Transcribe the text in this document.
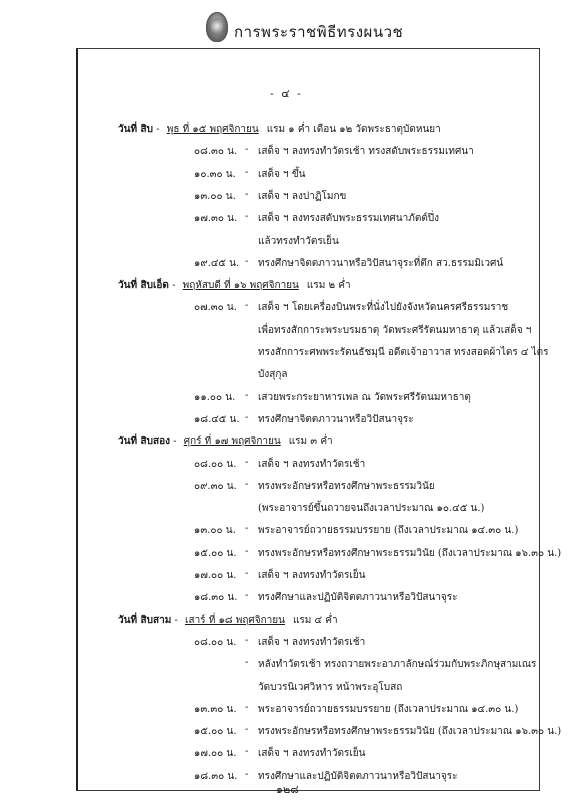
การพระราชพิธีทรงผนวช
- ๔ -
วันที่ สิบ - พุธ ที่ ๑๕ พฤศจิกายน แรม ๑ ค่ำ เดือน ๑๒ วัดพระธาตุบัดหนยา
๐๘.๓๐ น. - เสด็จ ฯ ลงทรงทำวัตรเช้า ทรงสดับพระธรรมเทศนา
๑๐.๓๐ น. - เสด็จ ฯ ขึ้น
๑๓.๐๐ น. - เสด็จ ฯ ลงปาฏิโมกข
๑๗.๓๐ น. - เสด็จ ฯ ลงทรงสดับพระธรรมเทศนาภัตต์ปึ่ง
แล้วทรงทำวัตรเย็น
๑๙.๔๕ น. - ทรงศึกษาจิตตภาวนาหรือวิปัสนาจุระที่ตึก สว.ธรรมมิเวศน์
วันที่ สิบเอ็ด - พฤหัสบดี ที่ ๑๖ พฤศจิกายน แรม ๒ ค่ำ
๐๗.๓๐ น. - เสด็จ ฯ โดยเครื่องบินพระที่นั่งไปยังจังหวัดนครศรีธรรมราช
เพื่อทรงสักการะพระบรมธาตุ วัดพระศรีรัตนมหาธาตุ แล้วเสด็จ ฯ
ทรงสักการะศพพระรัตนธัชมุนี อดีตเจ้าอาวาส ทรงสอดผ้าไตร ๔ ไตร
บังสุกุล
๑๑.๐๐ น. - เสวยพระกระยาหารเพล ณ วัดพระศรีรัตนมหาธาตุ
๑๘.๔๕ น. - ทรงศึกษาจิตตภาวนาหรือวิปัสนาจุระ
วันที่ สิบสอง - ศุกร์ ที่ ๑๗ พฤศจิกายน แรม ๓ ค่ำ
๐๘.๐๐ น. - เสด็จ ฯ ลงทรงทำวัตรเช้า
๐๙.๓๐ น. - ทรงพระอักษรหรือทรงศึกษาพระธรรมวินัย
(พระอาจารย์ขึ้นถวายจนถึงเวลาประมาณ ๑๐.๔๕ น.)
๑๓.๐๐ น. - พระอาจารย์ถวายธรรมบรรยาย (ถึงเวลาประมาณ ๑๔.๓๐ น.)
๑๕.๐๐ น. - ทรงพระอักษรหรือทรงศึกษาพระธรรมวินัย (ถึงเวลาประมาณ ๑๖.๓๐ น.)
๑๗.๐๐ น. - เสด็จ ฯ ลงทรงทำวัตรเย็น
๑๘.๓๐ น. - ทรงศึกษาและปฏิบัติจิตตภาวนาหรือวิปัสนาจุระ
วันที่ สิบสาม - เสาร์ ที่ ๑๘ พฤศจิกายน แรม ๔ ค่ำ
๐๘.๐๐ น. - เสด็จ ฯ ลงทรงทำวัตรเช้า
- หลังทำวัตรเช้า ทรงถวายพระอาภาลักษณ์ร่วมกับพระภิกษุสามเณร
วัดบวรนิเวศวิหาร หน้าพระอุโบสถ
๑๓.๓๐ น. - พระอาจารย์ถวายธรรมบรรยาย (ถึงเวลาประมาณ ๑๔.๓๐ น.)
๑๕.๐๐ น. - ทรงพระอักษรหรือทรงศึกษาพระธรรมวินัย (ถึงเวลาประมาณ ๑๖.๓๐ น.)
๑๗.๐๐ น. - เสด็จ ฯ ลงทรงทำวัตรเย็น
๑๘.๓๐ น. - ทรงศึกษาและปฏิบัติจิตตภาวนาหรือวิปัสนาจุระ
๑๒๘
